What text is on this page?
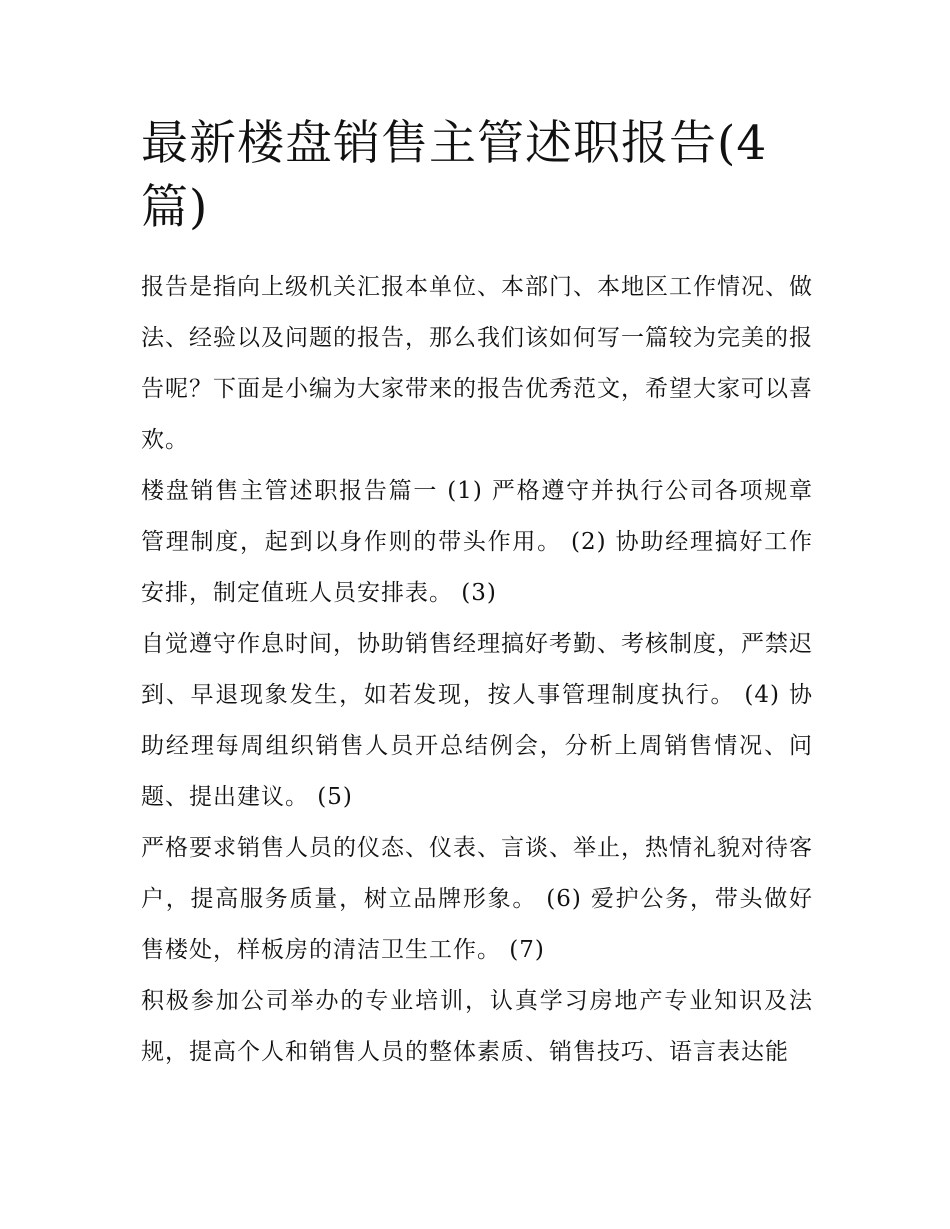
最新楼盘销售主管述职报告(4篇)

报告是指向上级机关汇报本单位、本部门、本地区工作情况、做法、经验以及问题的报告，那么我们该如何写一篇较为完美的报告呢？下面是小编为大家带来的报告优秀范文，希望大家可以喜欢。

楼盘销售主管述职报告篇一 (1) 严格遵守并执行公司各项规章管理制度，起到以身作则的带头作用。 (2) 协助经理搞好工作安排，制定值班人员安排表。 (3)

自觉遵守作息时间，协助销售经理搞好考勤、考核制度，严禁迟到、早退现象发生，如若发现，按人事管理制度执行。 (4) 协助经理每周组织销售人员开总结例会，分析上周销售情况、问题、提出建议。 (5)

严格要求销售人员的仪态、仪表、言谈、举止，热情礼貌对待客户，提高服务质量，树立品牌形象。 (6) 爱护公务，带头做好售楼处，样板房的清洁卫生工作。 (7)

积极参加公司举办的专业培训，认真学习房地产专业知识及法规，提高个人和销售人员的整体素质、销售技巧、语言表达能
